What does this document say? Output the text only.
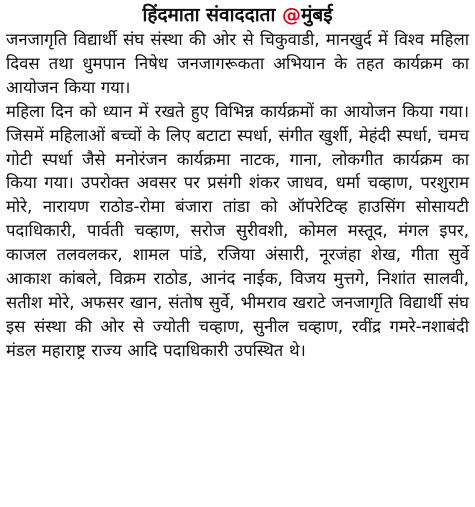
हिंदमाता संवाददाता @मुंबई

जनजागृति विद्यार्थी संघ संस्था की ओर से चिकुवाडी, मानखुर्द में विश्व महिला दिवस तथा धुमपान निषेध जनजागरूकता अभियान के तहत कार्यक्रम का आयोजन किया गया।

महिला दिन को ध्यान में रखते हुए विभिन्न कार्यक्रमों का आयोजन किया गया। जिसमें महिलाओं बच्चों के लिए बटाटा स्पर्धा, संगीत खुर्शी, मेहंदी स्पर्धा, चमच गोटी स्पर्धा जैसे मनोरंजन कार्यक्रमा नाटक, गाना, लोकगीत कार्यक्रम का किया गया। उपरोक्त अवसर पर प्रसंगी शंकर जाधव, धर्मा चव्हाण, परशुराम मोरे, नारायण राठोड-रोमा बंजारा तांडा को ऑपरेटिव्ह हाउसिंग सोसायटी पदाधिकारी, पार्वती चव्हाण, सरोज सुरीवशी, कोमल मस्तूद, मंगल इपर, काजल तलवलकर, शामल पांडे, रजिया अंसारी, नूरजंहा शेख, गीता सुर्वे आकाश कांबले, विक्रम राठोड, आनंद नाईक, विजय मुत्तगे, निशांत सालवी, सतीश मोरे, अफसर खान, संतोष सुर्वे, भीमराव खराटे जनजागृति विद्यार्थी संघ इस संस्था की ओर से ज्योती चव्हाण, सुनील चव्हाण, रवींद्र गमरे-नशाबंदी मंडल महाराष्ट्र राज्य आदि पदाधिकारी उपस्थित थे।
